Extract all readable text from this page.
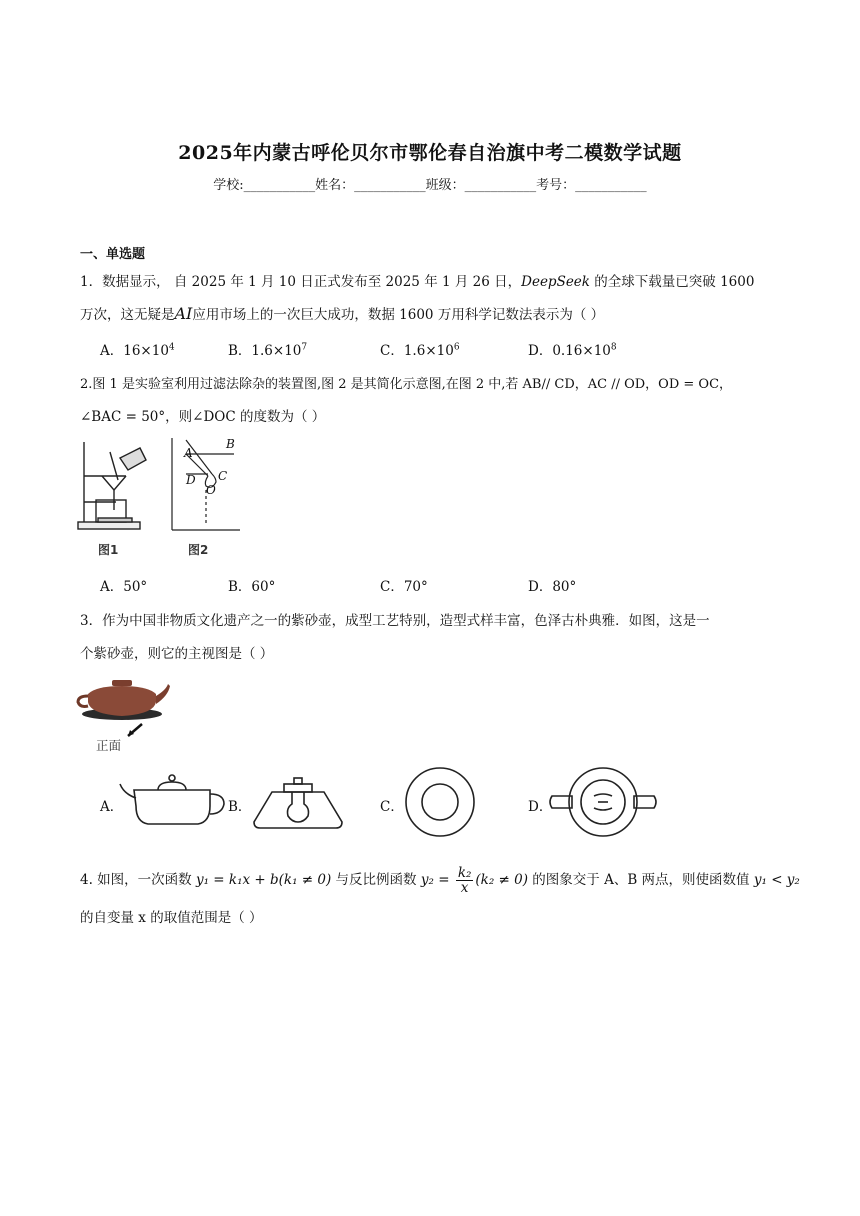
2025年内蒙古呼伦贝尔市鄂伦春自治旗中考二模数学试题
学校:___________姓名：___________班级：___________考号：___________
一、单选题
1．数据显示， 自 2025 年 1 月 10 日正式发布至 2025 年 1 月 26 日，DeepSeek 的全球下载量已突破 1600
万次，这无疑是AI应用市场上的一次巨大成功，数据 1600 万用科学记数法表示为（ ）
A．$16\times 10^4$	B．$1.6\times 10^7$	C．$1.6\times 10^6$	D．$0.16\times 10^8$
2.图 1 是实验室利用过滤法除杂的装置图,图 2 是其简化示意图,在图 2 中,若 AB// CD，AC // OD，OD = OC，
∠BAC = 50°，则∠DOC 的度数为（ ）
B
A
D C
O
图1	图2
A．50°	B．60°	C．70°	D．80°
3．作为中国非物质文化遗产之一的紫砂壶，成型工艺特别，造型式样丰富，色泽古朴典雅．如图，这是一
个紫砂壶，则它的主视图是（ ）
正面
A．	B．	C．	D．
4. 如图，一次函数 y₁ = k₁x + b(k₁ ≠ 0) 与反比例函数 $y_2 = \frac{\text{k₂}}{x} (k_2 \ne 0)$ 的图象交于 A、B 两点，则使函数值 y₁ < y₂
的自变量 x 的取值范围是（ ）
